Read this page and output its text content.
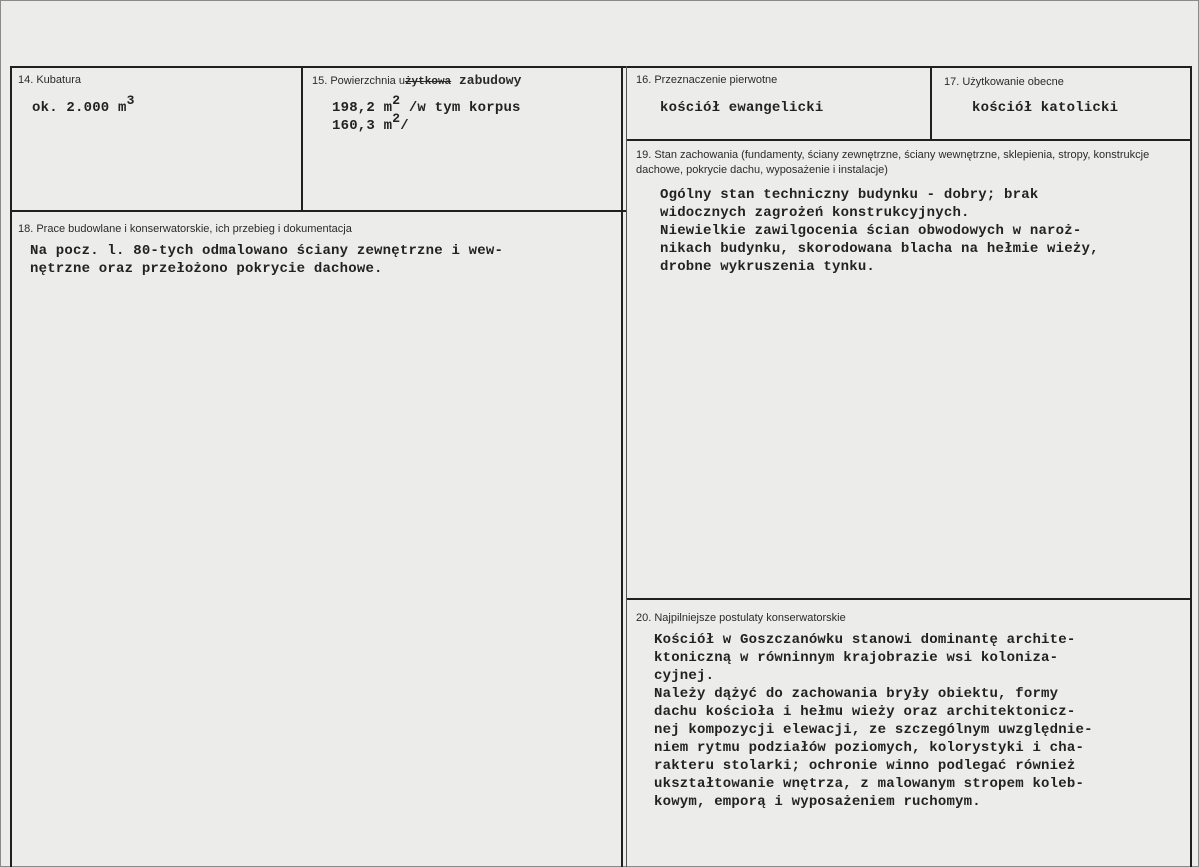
14. Kubatura
ok. 2.000 $m^3$
15. Powierzchnia użytkowa zabudowy
198,2 $m^2$ /w tym korpus
160,3 $m^2/$
16. Przeznaczenie pierwotne
kościół ewangelicki
17. Użytkowanie obecne
kościół katolicki
18. Prace budowlane i konserwatorskie, ich przebieg i dokumentacja
Na pocz. l. 80-tych odmalowano ściany zewnętrzne i wew-
nętrzne oraz przełożono pokrycie dachowe.
19. Stan zachowania (fundamenty, ściany zewnętrzne, ściany wewnętrzne, sklepienia, stropy, konstrukcje dachowe, pokrycie dachu, wyposażenie i instalacje)
Ogólny stan techniczny budynku - dobry; brak
widocznych zagrożeń konstrukcyjnych.
Niewielkie zawilgocenia ścian obwodowych w naroż-
nikach budynku, skorodowana blacha na hełmie wieży,
drobne wykruszenia tynku.
20. Najpilniejsze postulaty konserwatorskie
Kościół w Goszczanówku stanowi dominantę archite-
ktoniczną w równinnym krajobrazie wsi koloniza-
cyjnej.
Należy dążyć do zachowania bryły obiektu, formy
dachu kościoła i hełmu wieży oraz architektonicz-
nej kompozycji elewacji, ze szczególnym uwzględnie-
niem rytmu podziałów poziomych, kolorystyki i cha-
rakteru stolarki; ochronie winno podlegać również
ukształtowanie wnętrza, z malowanym stropem koleb-
kowym, emporą i wyposażeniem ruchomym.
